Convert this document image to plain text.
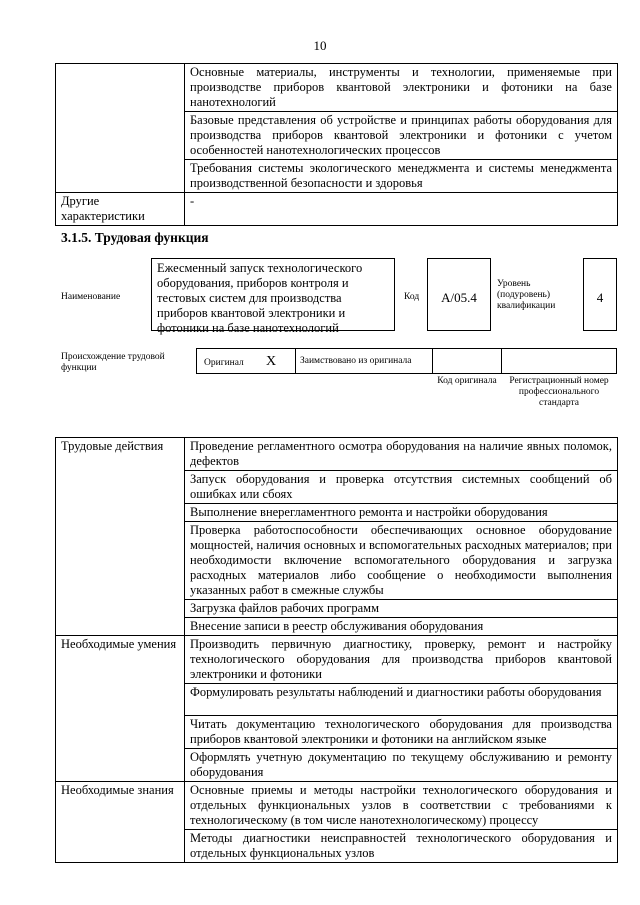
10
	Основные материалы, инструменты и технологии, применяемые при производстве приборов квантовой электроники и фотоники на базе нанотехнологий
	Базовые представления об устройстве и принципах работы оборудования для производства приборов квантовой электроники и фотоники с учетом особенностей нанотехнологических процессов
	Требования системы экологического менеджмента и системы менеджмента производственной безопасности и здоровья
Другие характеристики	-
3.1.5. Трудовая функция
Наименование
Ежесменный запуск технологического оборудования, приборов контроля и тестовых систем для производства приборов квантовой электроники и фотоники на базе нанотехнологий
Код	А/05.4
Уровень (подуровень) квалификации
4
Происхождение трудовой функции	Оригинал Х	Заимствовано из оригинала
Код оригинала	Регистрационный номер профессионального стандарта
Трудовые действия	Проведение регламентного осмотра оборудования на наличие явных поломок, дефектов
	Запуск оборудования и проверка отсутствия системных сообщений об ошибках или сбоях
	Выполнение внерегламентного ремонта и настройки оборудования
	Проверка работоспособности обеспечивающих основное оборудование мощностей, наличия основных и вспомогательных расходных материалов; при необходимости включение вспомогательного оборудования и загрузка расходных материалов либо сообщение о необходимости выполнения указанных работ в смежные службы
	Загрузка файлов рабочих программ
	Внесение записи в реестр обслуживания оборудования
Необходимые умения	Производить первичную диагностику, проверку, ремонт и настройку технологического оборудования для производства приборов квантовой электроники и фотоники
	Формулировать результаты наблюдений и диагностики работы оборудования
	Читать документацию технологического оборудования для производства приборов квантовой электроники и фотоники на английском языке
	Оформлять учетную документацию по текущему обслуживанию и ремонту оборудования
Необходимые знания	Основные приемы и методы настройки технологического оборудования и отдельных функциональных узлов в соответствии с требованиями к технологическому (в том числе нанотехнологическому) процессу
	Методы диагностики неисправностей технологического оборудования и отдельных функциональных узлов
